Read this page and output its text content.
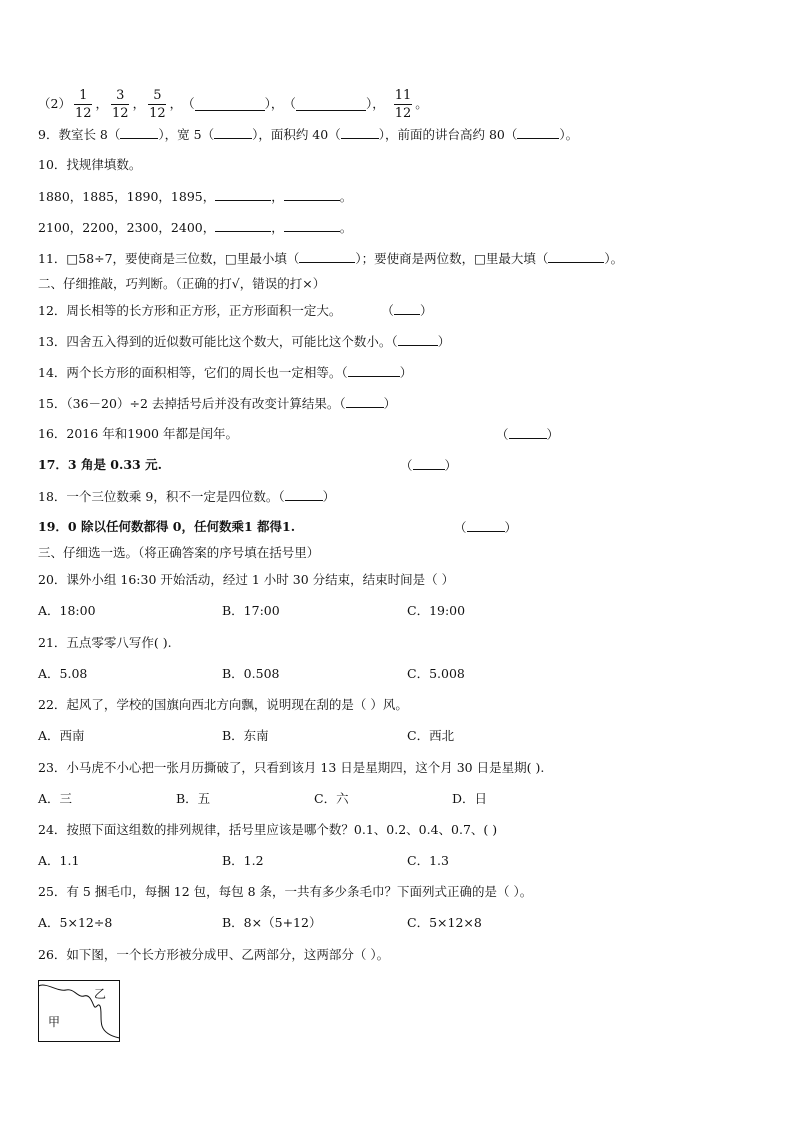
$(2) \frac{1}{12}$ ， $\frac{3}{12}$ ， $\frac{5}{12}$ ， （	）， （	）， $\frac{11}{12}$ 。
9．教室长 8（	），宽 5（	），面积约 40（	），前面的讲台高约 80（	）。
10．找规律填数。
1880，1885，1890，1895，	，	。
2100，2200，2300，2400，	，	。
11．□58÷7，要使商是三位数，□里最小填（	）；要使商是两位数，□里最大填（	）。
二、仔细推敲，巧判断。（正确的打√，错误的打×）
12．周长相等的长方形和正方形，正方形面积一定大。	（ ）
13．四舍五入得到的近似数可能比这个数大，可能比这个数小。（	）
14．两个长方形的面积相等，它们的周长也一定相等。（	）
15．（36－20）÷2 去掉括号后并没有改变计算结果。（	）
16．2016 年和1900 年都是闰年。	（	）
17．3 角是 0.33 元.	（	）
18．一个三位数乘 9，积不一定是四位数。（	）
19．0 除以任何数都得 0，任何数乘1 都得1.	（	）
三、仔细选一选。（将正确答案的序号填在括号里）
20．课外小组 16:30 开始活动，经过 1 小时 30 分结束，结束时间是（ ）
A．18:00	B．17:00	C．19:00
21．五点零零八写作( ).
A．5.08	B．0.508	C．5.008
22．起风了，学校的国旗向西北方向飘，说明现在刮的是（ ）风。
A．西南	B．东南	C．西北
23．小马虎不小心把一张月历撕破了，只看到该月 13 日是星期四，这个月 30 日是星期( ).
A．三	B．五	C．六	D．日
24．按照下面这组数的排列规律，括号里应该是哪个数？0.1、0.2、0.4、0.7、( )
A．1.1	B．1.2	C．1.3
25．有 5 捆毛巾，每捆 12 包，每包 8 条，一共有多少条毛巾？下面列式正确的是（ ）。
A．5×12÷8	B．8×（5+12）	C．5×12×8
26．如下图，一个长方形被分成甲、乙两部分，这两部分（ ）。
乙
甲
